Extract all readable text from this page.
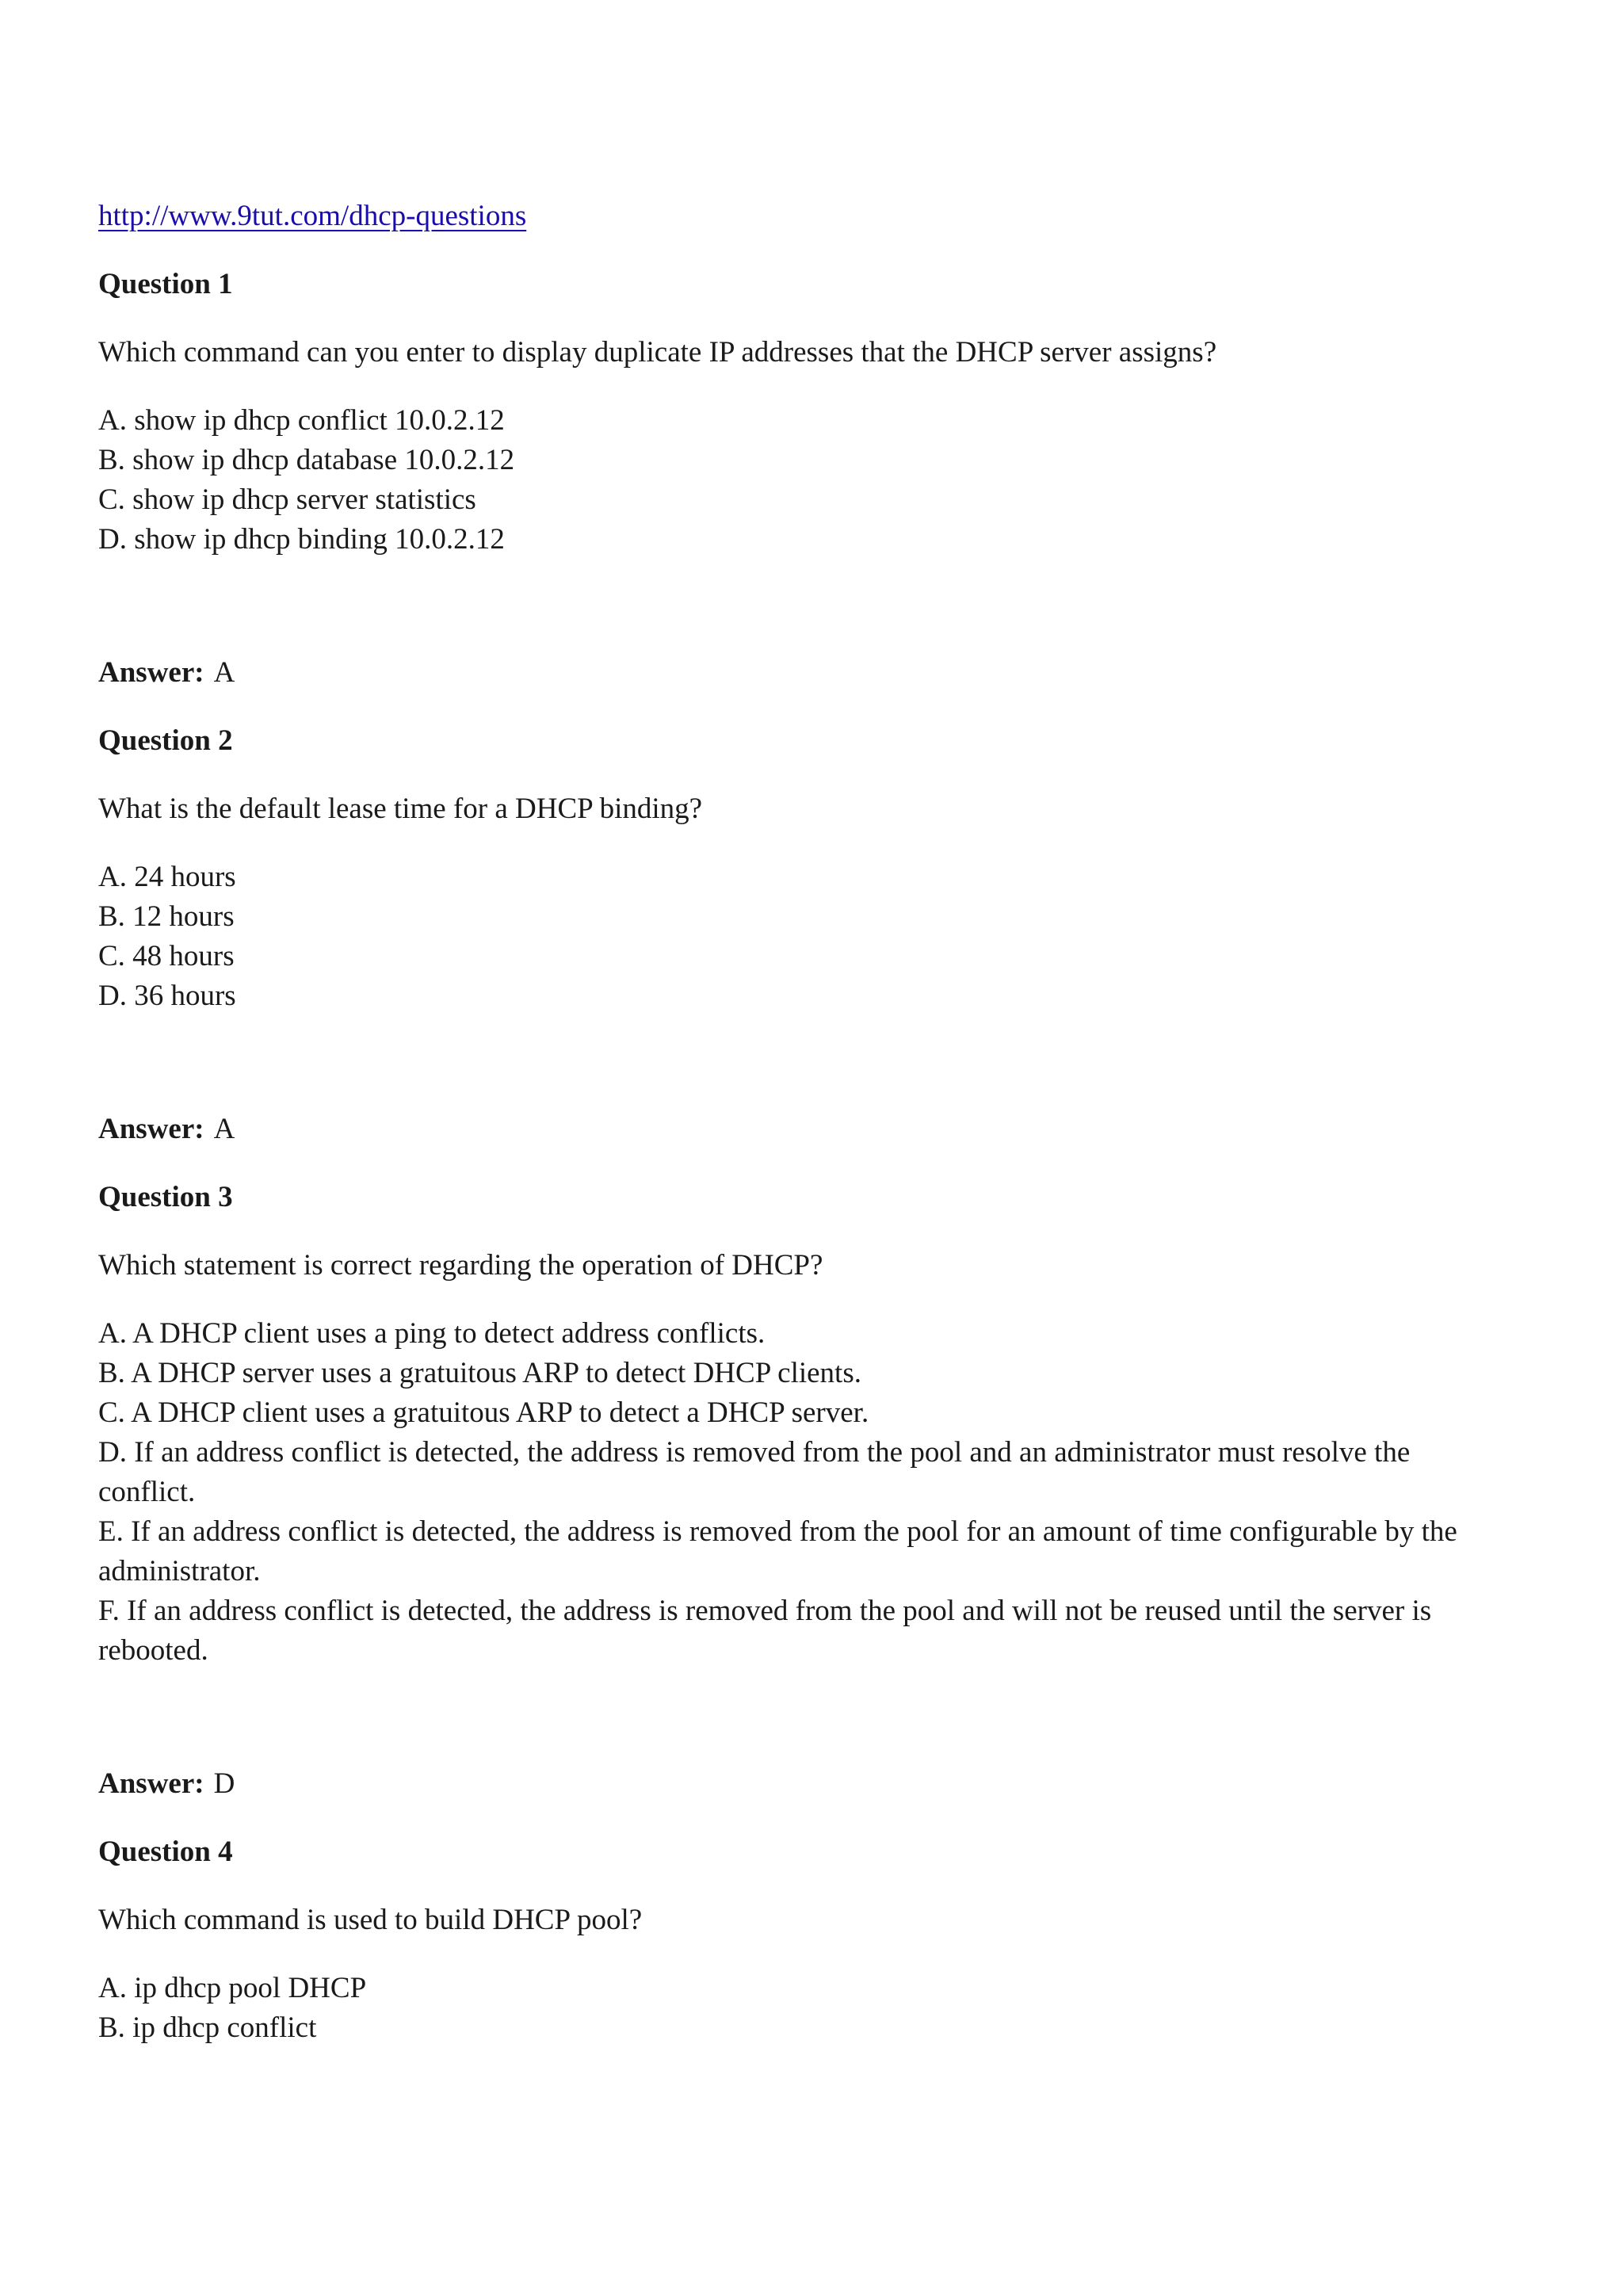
http://www.9tut.com/dhcp-questions
Question 1
Which command can you enter to display duplicate IP addresses that the DHCP server assigns?
A. show ip dhcp conflict 10.0.2.12
B. show ip dhcp database 10.0.2.12
C. show ip dhcp server statistics
D. show ip dhcp binding 10.0.2.12
Answer: A
Question 2
What is the default lease time for a DHCP binding?
A. 24 hours
B. 12 hours
C. 48 hours
D. 36 hours
Answer: A
Question 3
Which statement is correct regarding the operation of DHCP?
A. A DHCP client uses a ping to detect address conflicts.
B. A DHCP server uses a gratuitous ARP to detect DHCP clients.
C. A DHCP client uses a gratuitous ARP to detect a DHCP server.
D. If an address conflict is detected, the address is removed from the pool and an administrator must resolve the conflict.
E. If an address conflict is detected, the address is removed from the pool for an amount of time configurable by the administrator.
F. If an address conflict is detected, the address is removed from the pool and will not be reused until the server is rebooted.
Answer: D
Question 4
Which command is used to build DHCP pool?
A. ip dhcp pool DHCP
B. ip dhcp conflict
